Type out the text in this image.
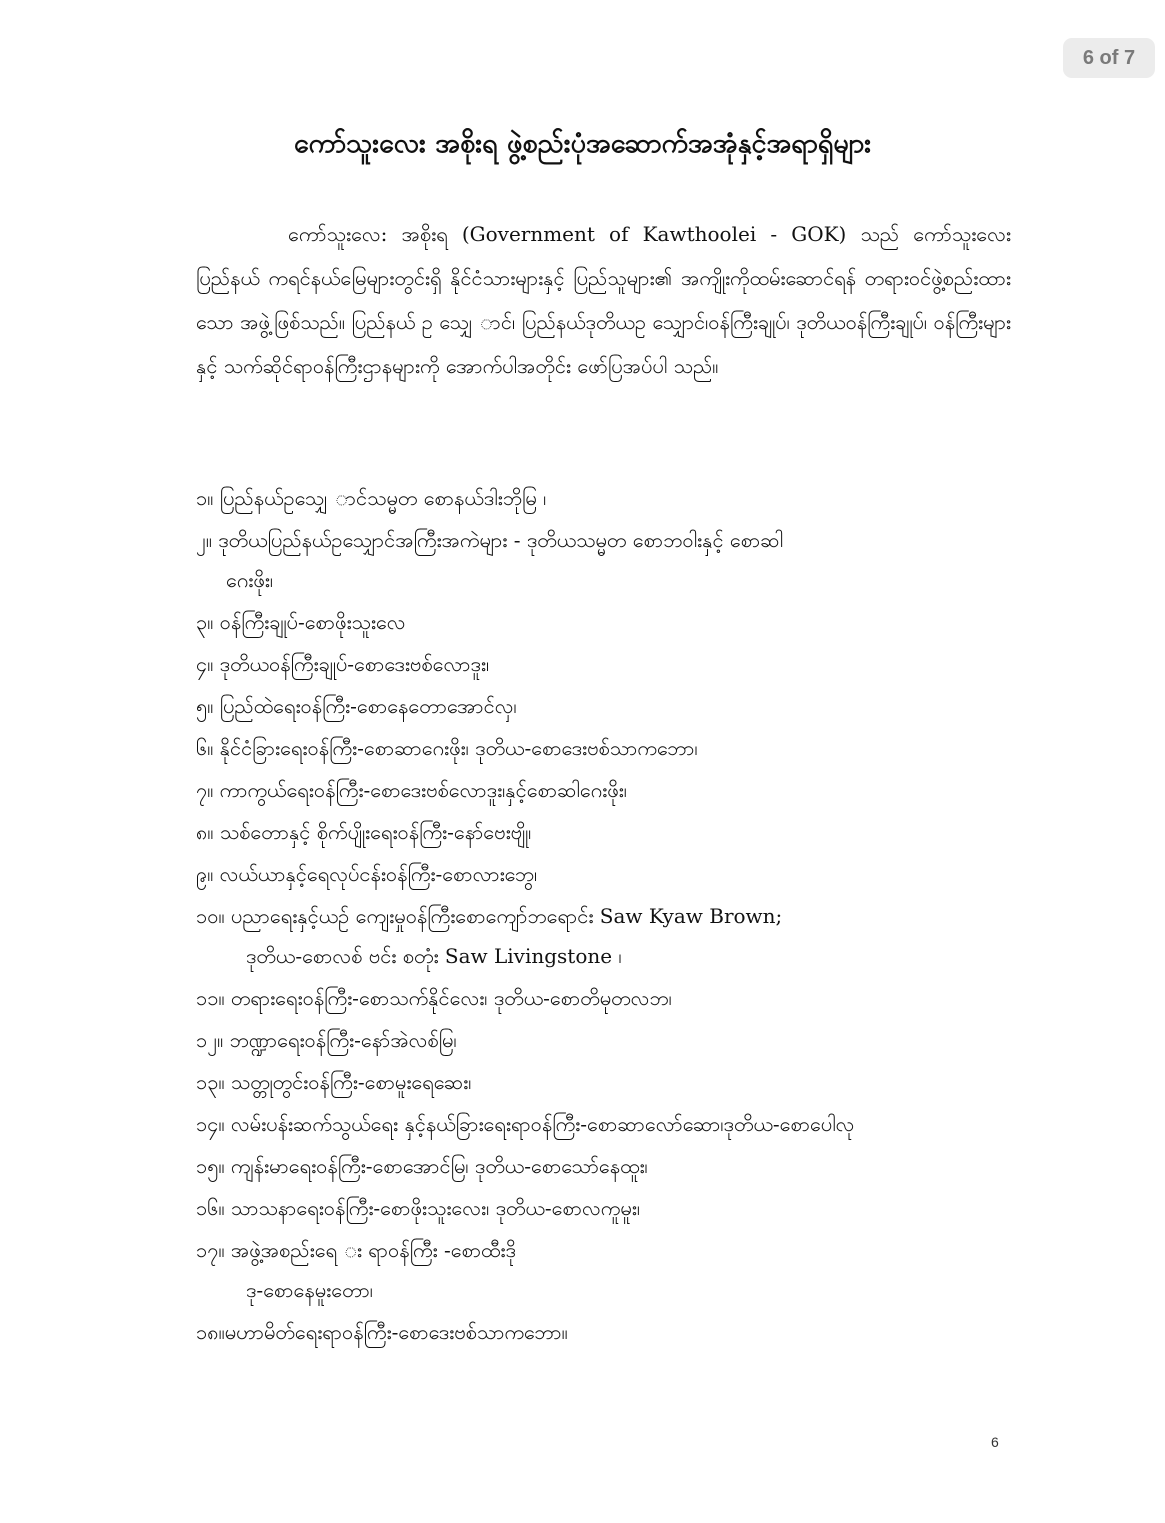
6 of 7
ကော်သူးလေး အစိုးရ ဖွဲ့စည်းပုံအဆောက်အအုံနှင့်အရာရှိများ

ကော်သူးလေ: အစိုးရ (Government of Kawthoolei - GOK) သည် ကော်သူးလေးပြည်နယ် ကရင်နယ်မြေများတွင်းရှိ နိုင်ငံသားများနှင့် ပြည်သူများ၏ အကျိုးကိုထမ်းဆောင်ရန် တရားဝင်ဖွဲ့စည်းထားသော အဖွဲ့ဖြစ်သည်။ ပြည်နယ် ဥ သျှေ ာင်၊ ပြည်နယ်ဒုတိယဥ သျှောင်၊ဝန်ကြီးချုပ်၊ ဒုတိယဝန်ကြီးချုပ်၊ ဝန်ကြီးများနှင့် သက်ဆိုင်ရာဝန်ကြီးဌာနများကို အောက်ပါအတိုင်း ဖော်ပြအပ်ပါ သည်။

၁။ ပြည်နယ်ဥသျှေ ာင်သမ္မတ စောနယ်ဒါးဘိုမြ ၊
၂။ ဒုတိယပြည်နယ်ဥသျှောင်အကြီးအကဲများ - ဒုတိယသမ္မတ စောဘဝါးနှင့် စောဆါ
ဂေးဖိုး၊
၃။ ဝန်ကြီးချုပ်-စောဖိုးသူးလေ
၄။ ဒုတိယဝန်ကြီးချုပ်-စောဒေးဗစ်လောဒူး၊
၅။ ပြည်ထဲရေးဝန်ကြီး-စောနေတောအောင်လှ၊
၆။ နိုင်ငံခြားရေးဝန်ကြီး-စောဆာဂေးဖိုး၊ ဒုတိယ-စောဒေးဗစ်သာကဘော၊
၇။ ကာကွယ်ရေးဝန်ကြီး-စောဒေးဗစ်လောဒူး၊နှင့်စောဆါဂေးဖိုး၊
၈။ သစ်တောနှင့် စိုက်ပျိုးရေးဝန်ကြီး-နော်ဗေးဗျို၊
၉။ လယ်ယာနှင့်ရေလုပ်ငန်းဝန်ကြီး-စောလားဘွေ၊
၁၀။ ပညာရေးနှင့်ယဉ် ကျေးမှုဝန်ကြီးစောကျော်ဘရောင်း Saw Kyaw Brown;
ဒုတိယ-စောလစ် ဗင်း စတုံး Saw Livingstone ၊
၁၁။ တရားရေးဝန်ကြီး-စောသက်နိုင်လေး၊ ဒုတိယ-စောတိမုတလဘ၊
၁၂။ ဘဏ္ဍာရေးဝန်ကြီး-နော်အဲလစ်မြ၊
၁၃။ သတ္တုတွင်းဝန်ကြီး-စောမူးရေဆေး၊
၁၄။ လမ်းပန်းဆက်သွယ်ရေး နှင့်နယ်ခြားရေးရာဝန်ကြီး-စောဆာလော်ဆော၊ဒုတိယ-စောပေါလု
၁၅။ ကျန်းမာရေးဝန်ကြီး-စောအောင်မြ၊ ဒုတိယ-စောသော်နေထူး၊
၁၆။ သာသနာရေးဝန်ကြီး-စောဖိုးသူးလေး၊ ဒုတိယ-စောလကူမူး၊
၁၇။ အဖွဲ့အစည်းရေ း ရာဝန်ကြီး -စောထီးဒို
ဒု-စောနေမူးတော၊
၁၈။မဟာမိတ်ရေးရာဝန်ကြီး-စောဒေးဗစ်သာကဘော။
6
